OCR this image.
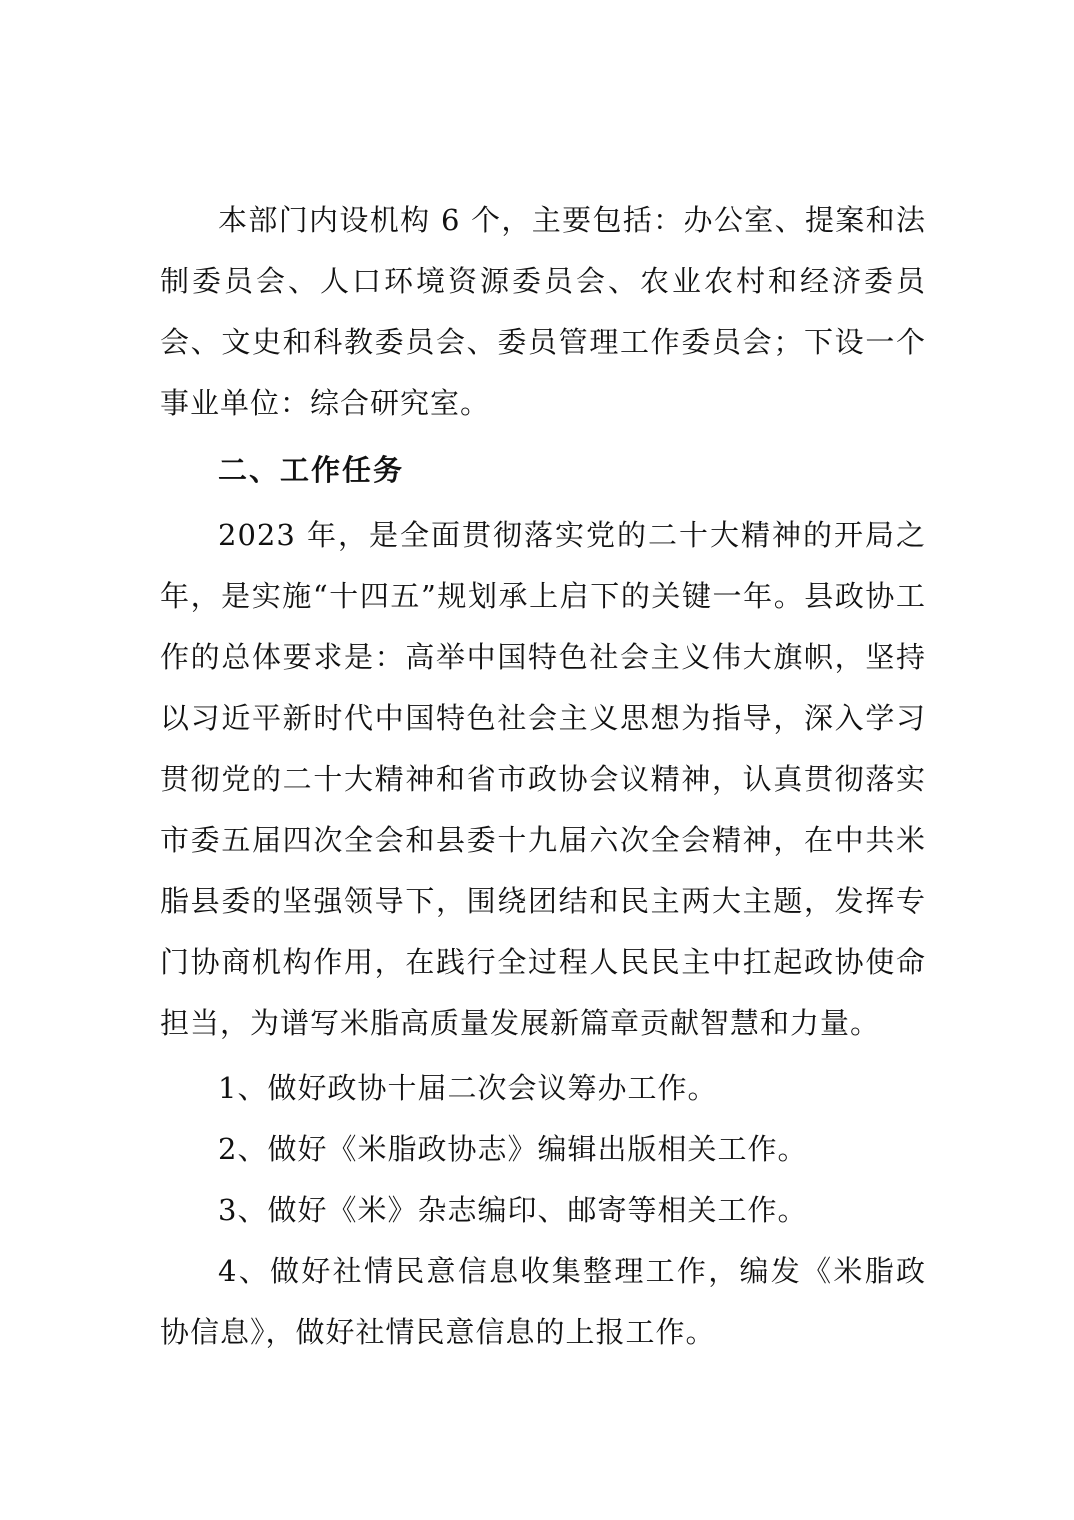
本部门内设机构 6 个，主要包括：办公室、提案和法制委员会、人口环境资源委员会、农业农村和经济委员会、文史和科教委员会、委员管理工作委员会；下设一个事业单位：综合研究室。

二、工作任务

2023 年，是全面贯彻落实党的二十大精神的开局之年，是实施“十四五”规划承上启下的关键一年。县政协工作的总体要求是：高举中国特色社会主义伟大旗帜，坚持以习近平新时代中国特色社会主义思想为指导，深入学习贯彻党的二十大精神和省市政协会议精神，认真贯彻落实市委五届四次全会和县委十九届六次全会精神，在中共米脂县委的坚强领导下，围绕团结和民主两大主题，发挥专门协商机构作用，在践行全过程人民民主中扛起政协使命担当，为谱写米脂高质量发展新篇章贡献智慧和力量。

1、做好政协十届二次会议筹办工作。

2、做好《米脂政协志》编辑出版相关工作。

3、做好《米》杂志编印、邮寄等相关工作。

4、做好社情民意信息收集整理工作，编发《米脂政协信息》，做好社情民意信息的上报工作。
